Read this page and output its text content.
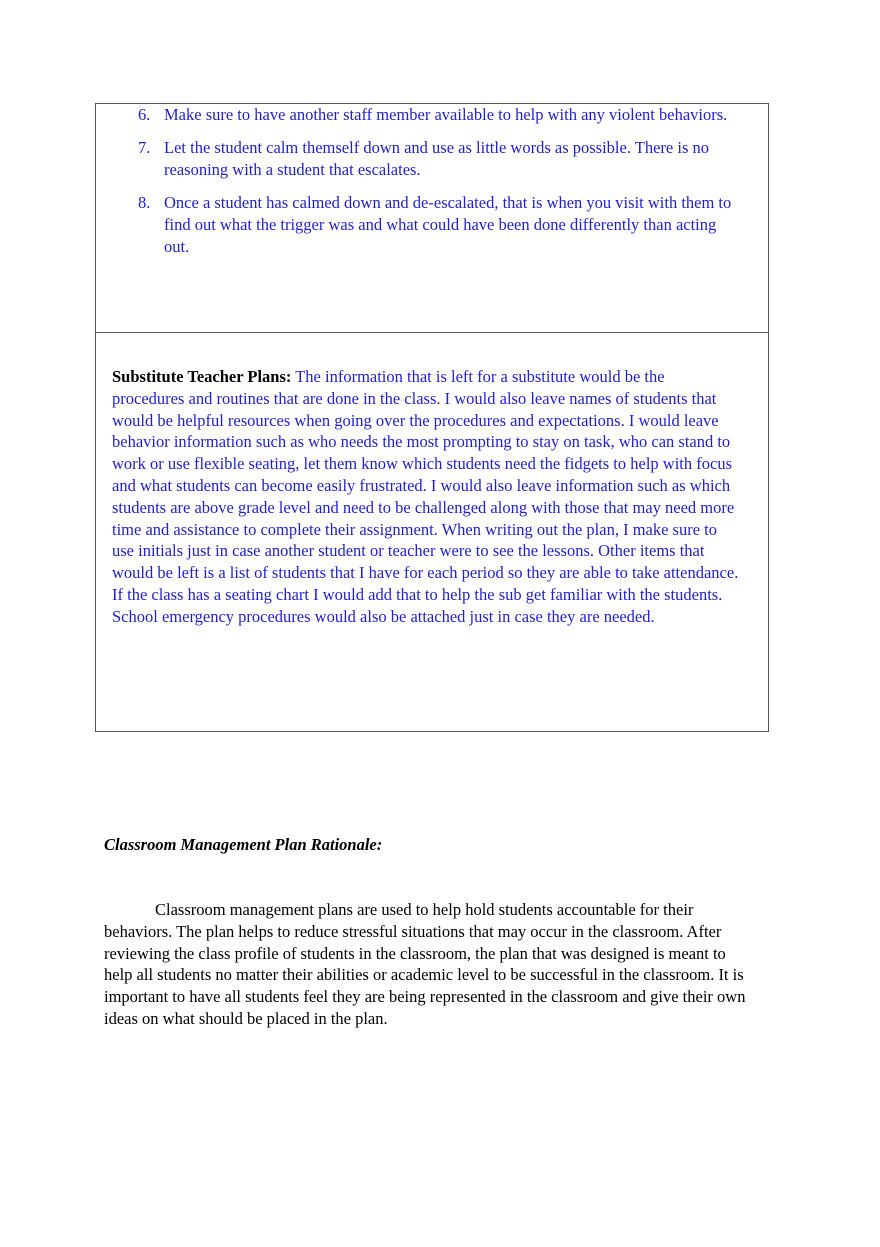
6. Make sure to have another staff member available to help with any violent behaviors.
7. Let the student calm themself down and use as little words as possible. There is no
reasoning with a student that escalates.
8. Once a student has calmed down and de-escalated, that is when you visit with them to
find out what the trigger was and what could have been done differently than acting
out.

Substitute Teacher Plans: The information that is left for a substitute would be the
procedures and routines that are done in the class. I would also leave names of students that
would be helpful resources when going over the procedures and expectations. I would leave
behavior information such as who needs the most prompting to stay on task, who can stand to
work or use flexible seating, let them know which students need the fidgets to help with focus
and what students can become easily frustrated. I would also leave information such as which
students are above grade level and need to be challenged along with those that may need more
time and assistance to complete their assignment. When writing out the plan, I make sure to
use initials just in case another student or teacher were to see the lessons. Other items that
would be left is a list of students that I have for each period so they are able to take attendance.
If the class has a seating chart I would add that to help the sub get familiar with the students.
School emergency procedures would also be attached just in case they are needed.

Classroom Management Plan Rationale:

Classroom management plans are used to help hold students accountable for their
behaviors. The plan helps to reduce stressful situations that may occur in the classroom. After
reviewing the class profile of students in the classroom, the plan that was designed is meant to
help all students no matter their abilities or academic level to be successful in the classroom. It is
important to have all students feel they are being represented in the classroom and give their own
ideas on what should be placed in the plan.
